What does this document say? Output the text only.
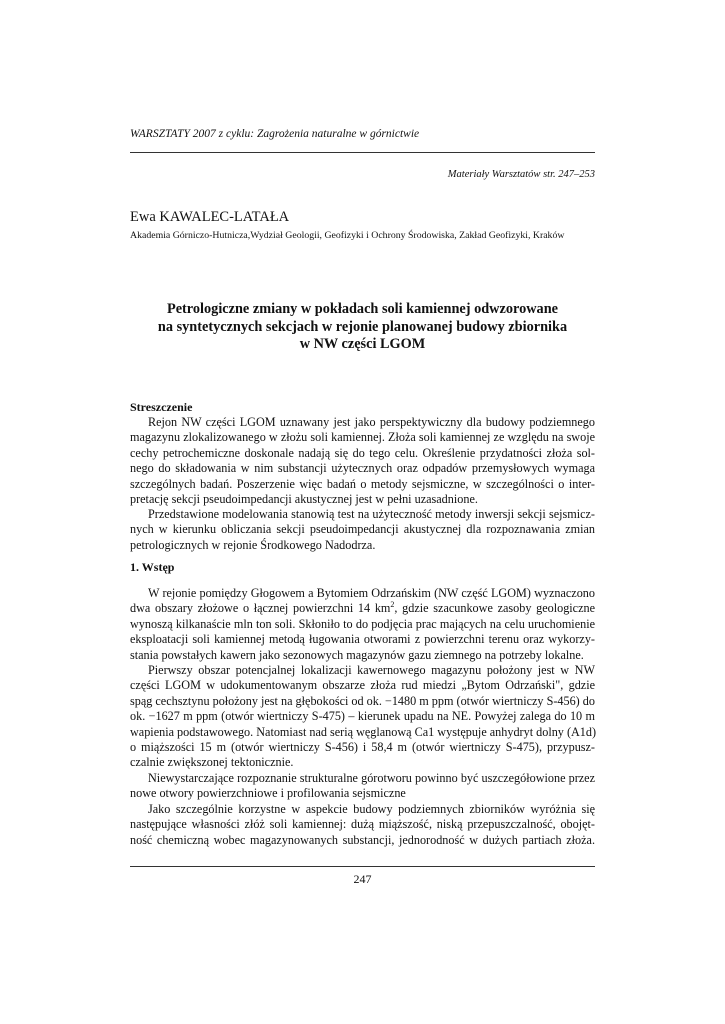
WARSZTATY 2007 z cyklu: Zagrożenia naturalne w górnictwie
Materiały Warsztatów str. 247–253
Ewa KAWALEC-LATAŁA
Akademia Górniczo-Hutnicza,Wydział Geologii, Geofizyki i Ochrony Środowiska, Zakład Geofizyki, Kraków
Petrologiczne zmiany w pokładach soli kamiennej odwzorowane
na syntetycznych sekcjach w rejonie planowanej budowy zbiornika
w NW części LGOM
Streszczenie
Rejon NW części LGOM uznawany jest jako perspektywiczny dla budowy podziemnego
magazynu zlokalizowanego w złożu soli kamiennej. Złoża soli kamiennej ze względu na swoje
cechy petrochemiczne doskonale nadają się do tego celu. Określenie przydatności złoża sol-
nego do składowania w nim substancji użytecznych oraz odpadów przemysłowych wymaga
szczególnych badań. Poszerzenie więc badań o metody sejsmiczne, w szczególności o inter-
pretację sekcji pseudoimpedancji akustycznej jest w pełni uzasadnione.
Przedstawione modelowania stanowią test na użyteczność metody inwersji sekcji sejsmicz-
nych w kierunku obliczania sekcji pseudoimpedancji akustycznej dla rozpoznawania zmian
petrologicznych w rejonie Środkowego Nadodrza.
1. Wstęp
W rejonie pomiędzy Głogowem a Bytomiem Odrzańskim (NW część LGOM) wyznaczono
dwa obszary złożowe o łącznej powierzchni 14 $km^2$, gdzie szacunkowe zasoby geologiczne
wynoszą kilkanaście mln ton soli. Skłoniło to do podjęcia prac mających na celu uruchomienie
eksploatacji soli kamiennej metodą ługowania otworami z powierzchni terenu oraz wykorzy-
stania powstałych kawern jako sezonowych magazynów gazu ziemnego na potrzeby lokalne.
Pierwszy obszar potencjalnej lokalizacji kawernowego magazynu położony jest w NW
części LGOM w udokumentowanym obszarze złoża rud miedzi „Bytom Odrzański", gdzie
spąg cechsztynu położony jest na głębokości od ok. −1480 m ppm (otwór wiertniczy S-456) do
ok. −1627 m ppm (otwór wiertniczy S-475) – kierunek upadu na NE. Powyżej zalega do 10 m
wapienia podstawowego. Natomiast nad serią węglanową Ca1 występuje anhydryt dolny (A1d)
o miąższości 15 m (otwór wiertniczy S-456) i 58,4 m (otwór wiertniczy S-475), przypusz-
czalnie zwiększonej tektonicznie.
Niewystarczające rozpoznanie strukturalne górotworu powinno być uszczegółowione przez
nowe otwory powierzchniowe i profilowania sejsmiczne
Jako szczególnie korzystne w aspekcie budowy podziemnych zbiorników wyróżnia się
następujące własności złóż soli kamiennej: dużą miąższość, niską przepuszczalność, obojęt-
ność chemiczną wobec magazynowanych substancji, jednorodność w dużych partiach złoża.
247
